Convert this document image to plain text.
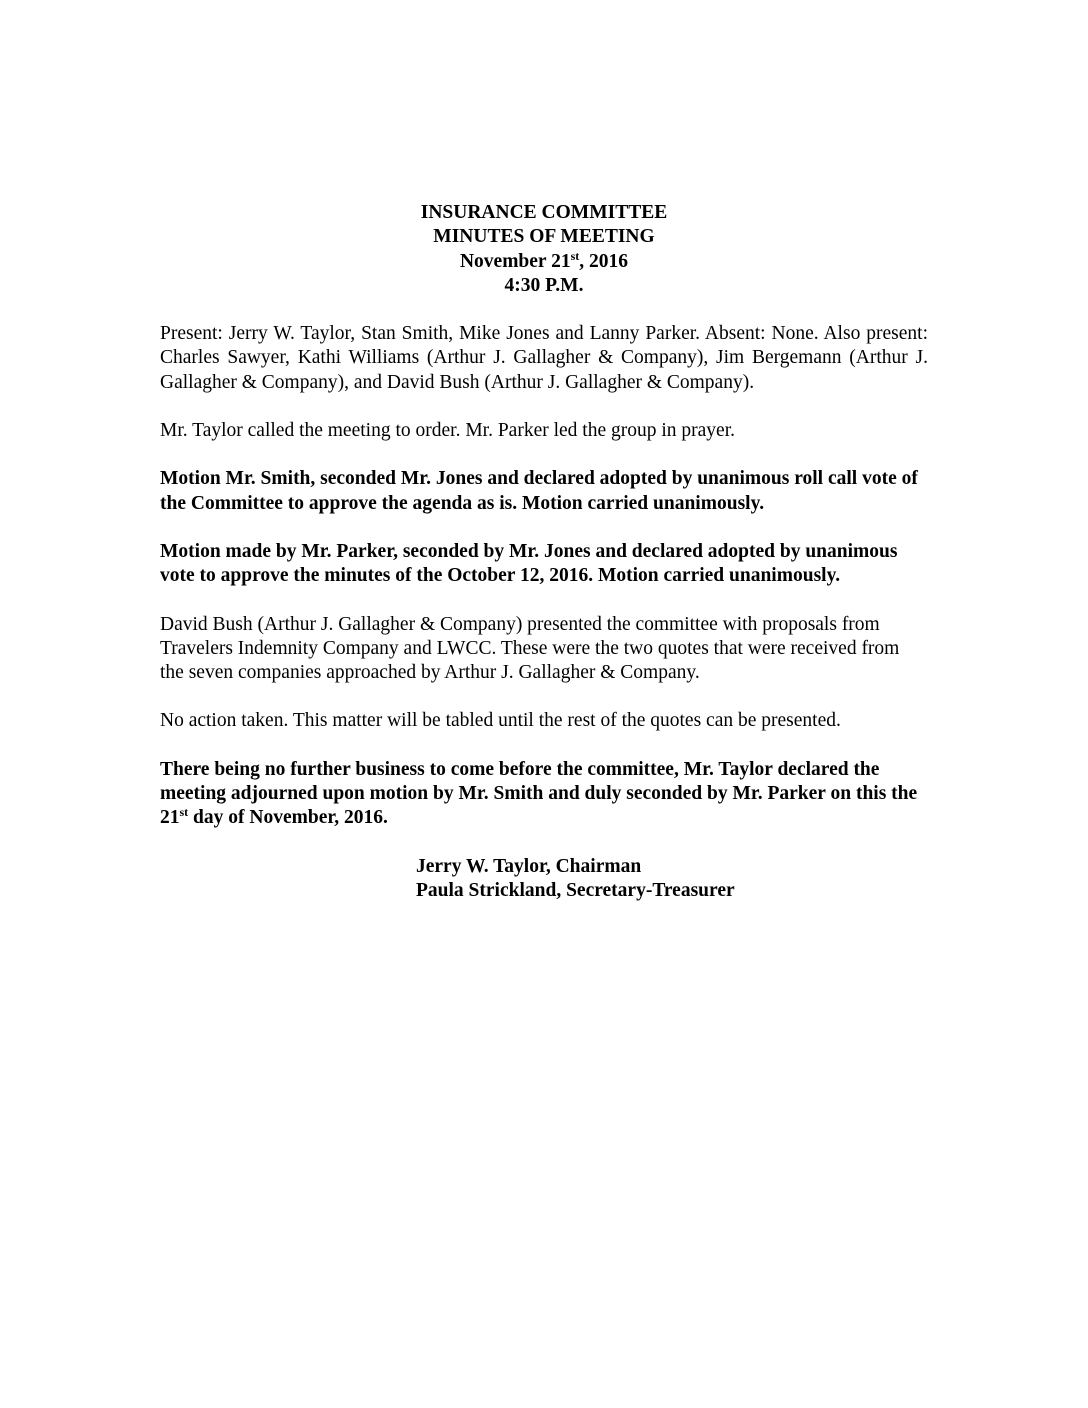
INSURANCE COMMITTEE
MINUTES OF MEETING
November 21st, 2016
4:30 P.M.

Present: Jerry W. Taylor, Stan Smith, Mike Jones and Lanny Parker. Absent: None. Also present: Charles Sawyer, Kathi Williams (Arthur J. Gallagher & Company), Jim Bergemann (Arthur J. Gallagher & Company), and David Bush (Arthur J. Gallagher & Company).

Mr. Taylor called the meeting to order. Mr. Parker led the group in prayer.

Motion Mr. Smith, seconded Mr. Jones and declared adopted by unanimous roll call vote of the Committee to approve the agenda as is. Motion carried unanimously.

Motion made by Mr. Parker, seconded by Mr. Jones and declared adopted by unanimous vote to approve the minutes of the October 12, 2016. Motion carried unanimously.

David Bush (Arthur J. Gallagher & Company) presented the committee with proposals from Travelers Indemnity Company and LWCC. These were the two quotes that were received from the seven companies approached by Arthur J. Gallagher & Company.

No action taken. This matter will be tabled until the rest of the quotes can be presented.

There being no further business to come before the committee, Mr. Taylor declared the meeting adjourned upon motion by Mr. Smith and duly seconded by Mr. Parker on this the 21st day of November, 2016.

Jerry W. Taylor, Chairman
Paula Strickland, Secretary-Treasurer
